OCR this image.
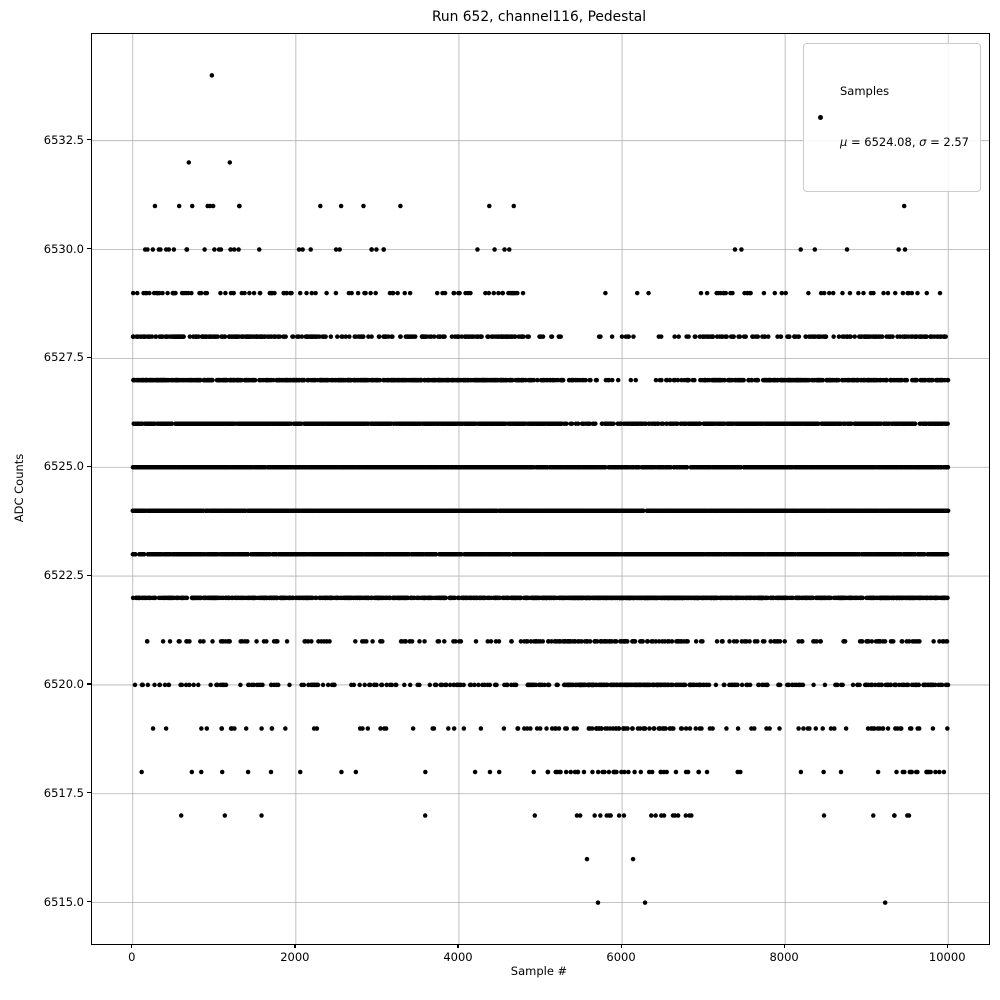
Run 652, channel116, Pedestal

Samples

μ = 6524.08, σ = 2.57

6515.0
6517.5
6520.0
6522.5
6525.0
6527.5
6530.0
6532.5
0	2000	4000	6000	8000	10000
ADC Counts
Sample #
